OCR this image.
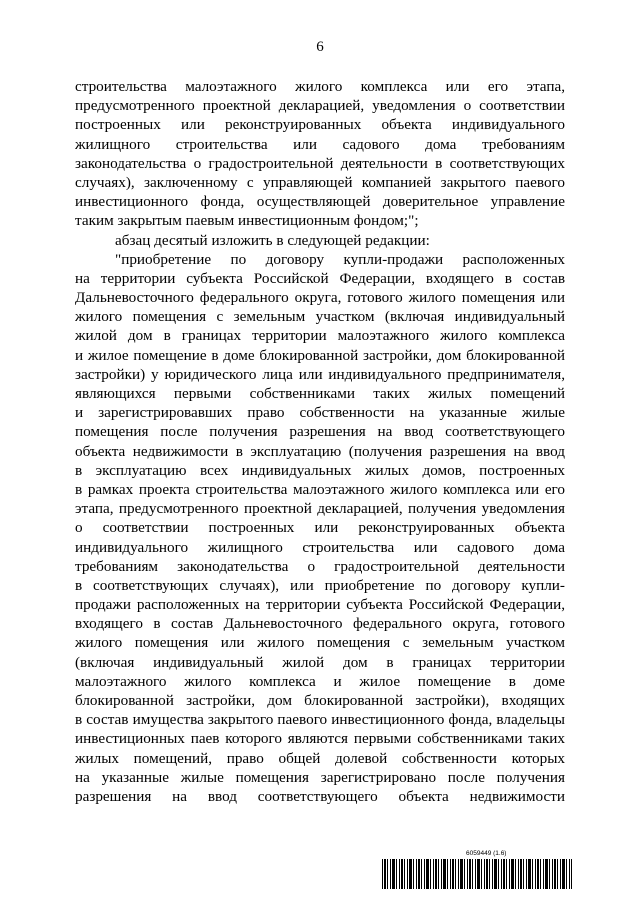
6
строительства малоэтажного жилого комплекса или его этапа,
предусмотренного проектной декларацией, уведомления о соответствии
построенных или реконструированных объекта индивидуального
жилищного строительства или садового дома требованиям
законодательства о градостроительной деятельности в соответствующих
случаях), заключенному с управляющей компанией закрытого паевого
инвестиционного фонда, осуществляющей доверительное управление
таким закрытым паевым инвестиционным фондом;";
абзац десятый изложить в следующей редакции:
"приобретение по договору купли-продажи расположенных
на территории субъекта Российской Федерации, входящего в состав
Дальневосточного федерального округа, готового жилого помещения или
жилого помещения с земельным участком (включая индивидуальный
жилой дом в границах территории малоэтажного жилого комплекса
и жилое помещение в доме блокированной застройки, дом блокированной
застройки) у юридического лица или индивидуального предпринимателя,
являющихся первыми собственниками таких жилых помещений
и зарегистрировавших право собственности на указанные жилые
помещения после получения разрешения на ввод соответствующего
объекта недвижимости в эксплуатацию (получения разрешения на ввод
в эксплуатацию всех индивидуальных жилых домов, построенных
в рамках проекта строительства малоэтажного жилого комплекса или его
этапа, предусмотренного проектной декларацией, получения уведомления
о соответствии построенных или реконструированных объекта
индивидуального жилищного строительства или садового дома
требованиям законодательства о градостроительной деятельности
в соответствующих случаях), или приобретение по договору купли-
продажи расположенных на территории субъекта Российской Федерации,
входящего в состав Дальневосточного федерального округа, готового
жилого помещения или жилого помещения с земельным участком
(включая индивидуальный жилой дом в границах территории
малоэтажного жилого комплекса и жилое помещение в доме
блокированной застройки, дом блокированной застройки), входящих
в состав имущества закрытого паевого инвестиционного фонда, владельцы
инвестиционных паев которого являются первыми собственниками таких
жилых помещений, право общей долевой собственности которых
на указанные жилые помещения зарегистрировано после получения
разрешения на ввод соответствующего объекта недвижимости
6059449 (1.6)
